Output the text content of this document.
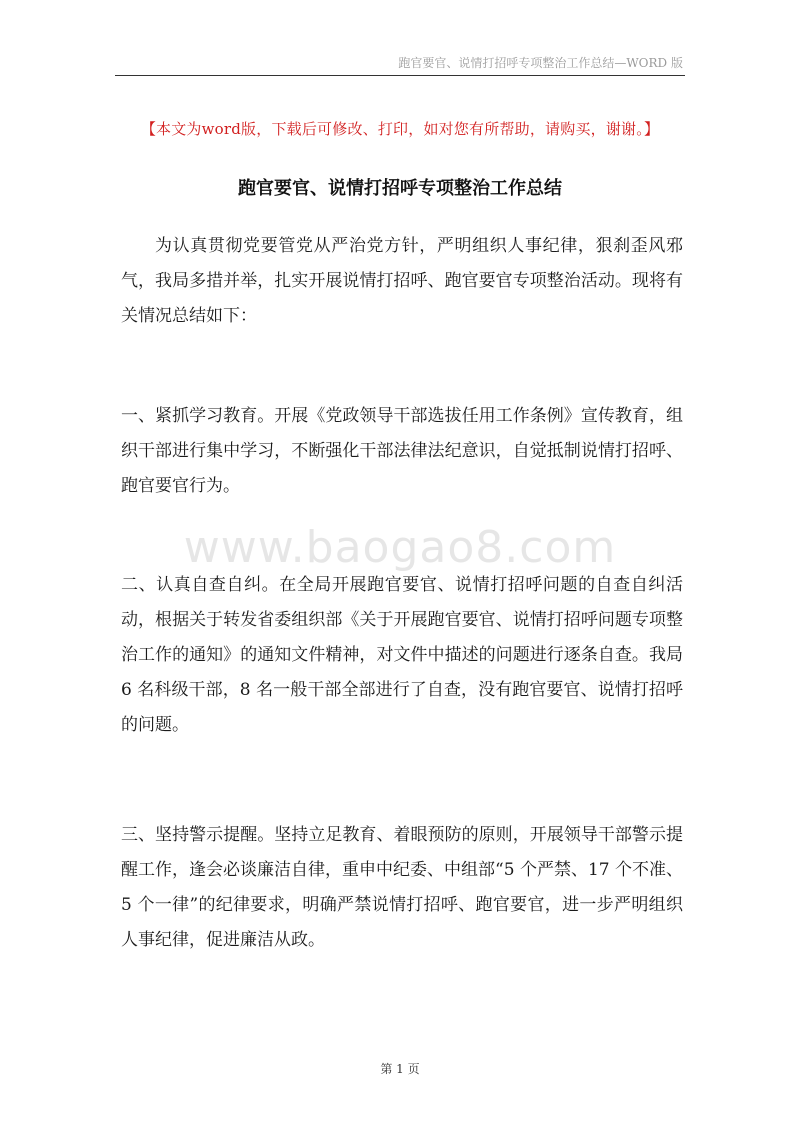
跑官要官、说情打招呼专项整治工作总结—WORD 版
【本文为word版，下载后可修改、打印，如对您有所帮助，请购买，谢谢。】
跑官要官、说情打招呼专项整治工作总结

为认真贯彻党要管党从严治党方针，严明组织人事纪律，狠刹歪风邪气，我局多措并举，扎实开展说情打招呼、跑官要官专项整治活动。现将有关情况总结如下：

一、紧抓学习教育。开展《党政领导干部选拔任用工作条例》宣传教育，组织干部进行集中学习，不断强化干部法律法纪意识，自觉抵制说情打招呼、跑官要官行为。

www.baogao8.com

二、认真自查自纠。在全局开展跑官要官、说情打招呼问题的自查自纠活动，根据关于转发省委组织部《关于开展跑官要官、说情打招呼问题专项整治工作的通知》的通知文件精神，对文件中描述的问题进行逐条自查。我局 6 名科级干部，8 名一般干部全部进行了自查，没有跑官要官、说情打招呼的问题。

三、坚持警示提醒。坚持立足教育、着眼预防的原则，开展领导干部警示提醒工作，逢会必谈廉洁自律，重申中纪委、中组部“5 个严禁、17 个不准、5 个一律”的纪律要求，明确严禁说情打招呼、跑官要官，进一步严明组织人事纪律，促进廉洁从政。

第 1 页
